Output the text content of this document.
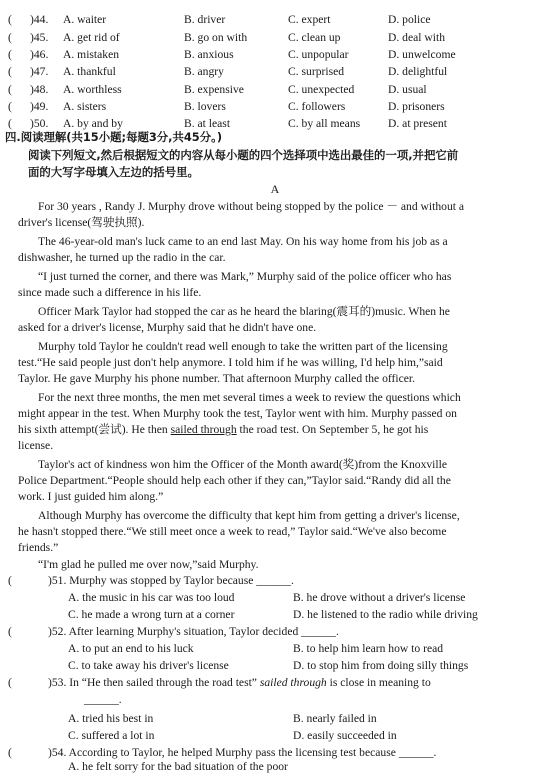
( )44. A. waiter	B. driver	C. expert	D. police
( )45. A. get rid of	B. go on with	C. clean up	D. deal with
( )46. A. mistaken	B. anxious	C. unpopular	D. unwelcome
( )47. A. thankful	B. angry	C. surprised	D. delightful
( )48. A. worthless	B. expensive	C. unexpected	D. usual
( )49. A. sisters	B. lovers	C. followers	D. prisoners
( )50. A. by and by	B. at least	C. by all means D. at present
四.阅读理解(共15小题;每题3分,共45分。)
阅读下列短文,然后根据短文的内容从每小题的四个选择项中选出最佳的一项,并把它前
面的大写字母填入左边的括号里。
A
For 30 years , Randy J. Murphy drove without being stopped by the police － and without a
driver's license(驾驶执照).
The 46-year-old man's luck came to an end last May. On his way home from his job as a
dishwasher, he turned up the radio in the car.
“I just turned the corner, and there was Mark,” Murphy said of the police officer who has
since made such a difference in his life.
Officer Mark Taylor had stopped the car as he heard the blaring(震耳的)music. When he
asked for a driver's license, Murphy said that he didn't have one.
Murphy told Taylor he couldn't read well enough to take the written part of the licensing
test.“He said people just don't help anymore. I told him if he was willing, I'd help him,”said
Taylor. He gave Murphy his phone number. That afternoon Murphy called the officer.
For the next three months, the men met several times a week to review the questions which
might appear in the test. When Murphy took the test, Taylor went with him. Murphy passed on
his sixth attempt(尝试). He then sailed through the road test. On September 5, he got his
license.
Taylor's act of kindness won him the Officer of the Month award(奖)from the Knoxville
Police Department.“People should help each other if they can,”Taylor said.“Randy did all the
work. I just guided him along.”
Although Murphy has overcome the difficulty that kept him from getting a driver's license,
he hasn't stopped there.“We still meet once a week to read,” Taylor said.“We've also become
friends.”
“I'm glad he pulled me over now,”said Murphy.
(	)51. Murphy was stopped by Taylor because ______.
A. the music in his car was too loud	B. he drove without a driver's license
C. he made a wrong turn at a corner	D. he listened to the radio while driving
(	)52. After learning Murphy's situation, Taylor decided ______.
A. to put an end to his luck	B. to help him learn how to read
C. to take away his driver's license	D. to stop him from doing silly things
(	)53. In “He then sailed through the road test” sailed through is close in meaning to
______.
A. tried his best in	B. nearly failed in
C. suffered a lot in	D. easily succeeded in
(	)54. According to Taylor, he helped Murphy pass the licensing test because ______.
A. he felt sorry for the bad situation of the poor
